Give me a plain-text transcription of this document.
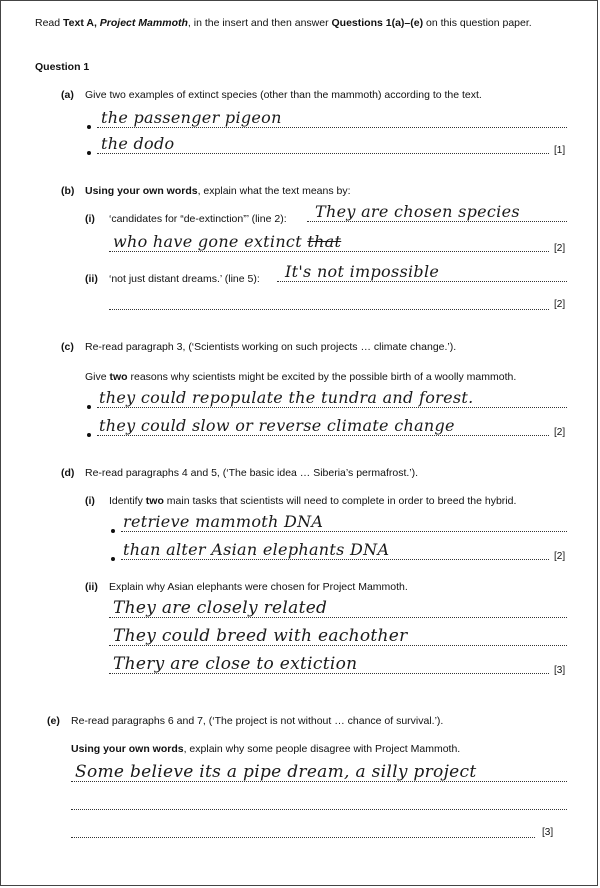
Read Text A, Project Mammoth, in the insert and then answer Questions 1(a)–(e) on this question paper.
Question 1
(a) Give two examples of extinct species (other than the mammoth) according to the text.
the passenger pigeon
the dodo	[1]
(b) Using your own words, explain what the text means by:
(i) ‘candidates for “de-extinction”’ (line 2): They are chosen species
who have gone extinct that	[2]
(ii) ‘not just distant dreams.’ (line 5): It's not impossible
[2]
(c) Re-read paragraph 3, (‘Scientists working on such projects … climate change.’).
Give two reasons why scientists might be excited by the possible birth of a woolly mammoth.
they could repopulate the tundra and forest.
they could slow or reverse climate change	[2]
(d) Re-read paragraphs 4 and 5, (‘The basic idea … Siberia’s permafrost.’).
(i) Identify two main tasks that scientists will need to complete in order to breed the hybrid.
retrieve mammoth DNA
than alter Asian elephants DNA	[2]
(ii) Explain why Asian elephants were chosen for Project Mammoth.
They are closely related
They could breed with eachother
Thery are close to extiction	[3]
(e) Re-read paragraphs 6 and 7, (‘The project is not without … chance of survival.’).
Using your own words, explain why some people disagree with Project Mammoth.
Some believe its a pipe dream, a silly project
[3]
